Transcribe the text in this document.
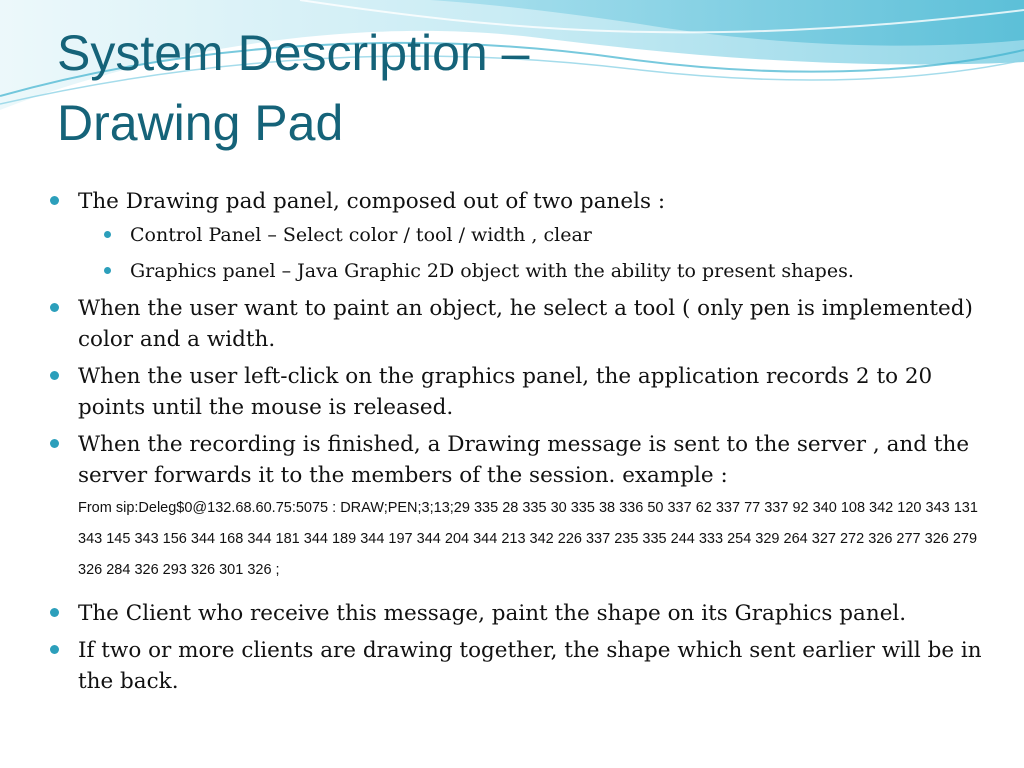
System Description –
Drawing Pad
The Drawing pad panel, composed out of two panels :
Control Panel – Select color / tool / width , clear
Graphics panel – Java Graphic 2D object with the ability to present shapes.
When the user want to paint an object, he select a tool ( only pen is implemented) color and a width.
When the user left-click on the graphics panel, the application records 2 to 20 points until the mouse is released.
When the recording is finished, a Drawing message is sent to the server , and the server forwards it to the members of the session. example :
From sip:Deleg$0@132.68.60.75:5075 : DRAW;PEN;3;13;29 335 28 335 30 335 38 336 50 337 62 337 77 337 92 340 108 342 120 343 131 343 145 343 156 344 168 344 181 344 189 344 197 344 204 344 213 342 226 337 235 335 244 333 254 329 264 327 272 326 277 326 279 326 284 326 293 326 301 326 ;
The Client who receive this message, paint the shape on its Graphics panel.
If two or more clients are drawing together, the shape which sent earlier will be in the back.
